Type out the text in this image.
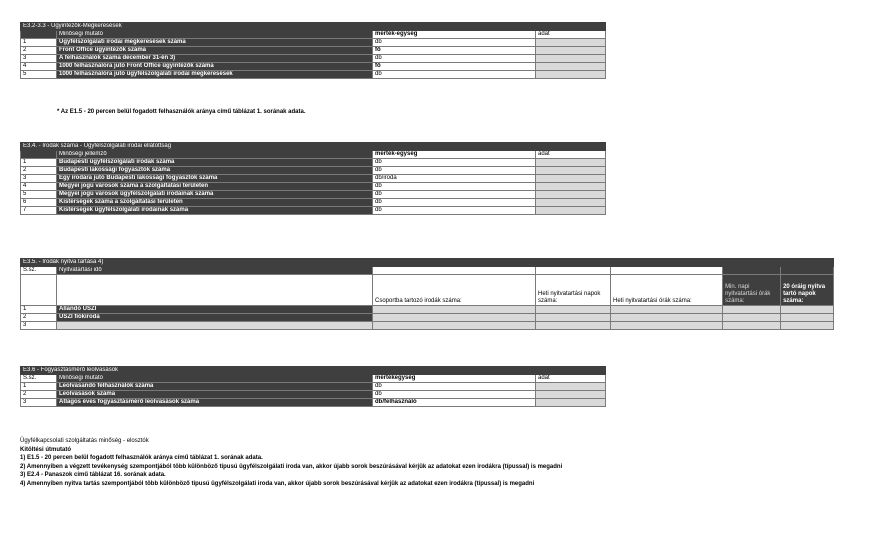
E3.2-3.3 - Ügyintézők-Megkeresések			
	Minőségi mutató	mérték-egység	adat
1	Ügyfélszolgálati irodai megkeresések száma	db	
2	Front Office ügyintézők száma	fő	
3	A felhasználók száma december 31-én 3)	db	
4	1000 felhasználóra jutó Front Office ügyintézők száma	fő	
5	1000 felhasználóra jutó ügyfélszolgálati irodai megkeresések	db	
* Az E1.5 - 20 percen belül fogadott felhasználók aránya című táblázat 1. sorának adata.
E3.4. - Irodák száma - Ügyfélszolgálati irodai ellátottság			
	Minőségi jellemző	mérték-egység	adat
1	Budapesti ügyfélszolgálati irodák száma	db	
2	Budapesti lakossági fogyasztók száma	db	
3	Egy irodára jutó Budapesti lakossági fogyasztók száma	db/iroda	
4	Megyei jogú városok száma a szolgáltatási területen	db	
5	Megyei jogú városok ügyfélszolgálati irodáinak száma	db	
6	Kistérségek száma a szolgáltatási területen	db	
7	Kistérségek ügyfélszolgálati irodáinak száma	db	
E3.5. - Irodák nyitva tartása 4)						
S.sz.	Nyitvatartási idő					
		Csoportba tartozó irodák száma:	Heti nyitvatartási napok száma:	Heti nyitvatartási órák száma:	Min. napi nyitvatartási órák száma:	20 óráig nyitva tartó napok száma:
1	Állandó ÜSZI					
2	ÜSZI fiókiroda					
3						
E3.6 - Fogyasztásmérő leolvasások			
S.sz.	Minőségi mutató	mértékegység	adat
1	Leolvasandó felhasználók száma	db	
2	Leolvasások száma	db	
3	Átlagos éves fogyasztásmérő leolvasások száma	db/felhasználó	
Ügyfélkapcsolati szolgáltatás minőség - elosztók
Kitöltési útmutató
1) E1.5 - 20 percen belül fogadott felhasználók aránya című táblázat 1. sorának adata.
2) Amennyiben a végzett tevékenység szempontjából több különböző típusú ügyfélszolgálati iroda van, akkor újabb sorok beszúrásával kérjük az adatokat ezen irodákra (típussal) is megadni
3) E2.4 - Panaszok című táblázat 16. sorának adata.
4) Amennyiben nyitva tartás szempontjából több különböző típusú ügyfélszolgálati iroda van, akkor újabb sorok beszúrásával kérjük az adatokat ezen irodákra (típussal) is megadni
